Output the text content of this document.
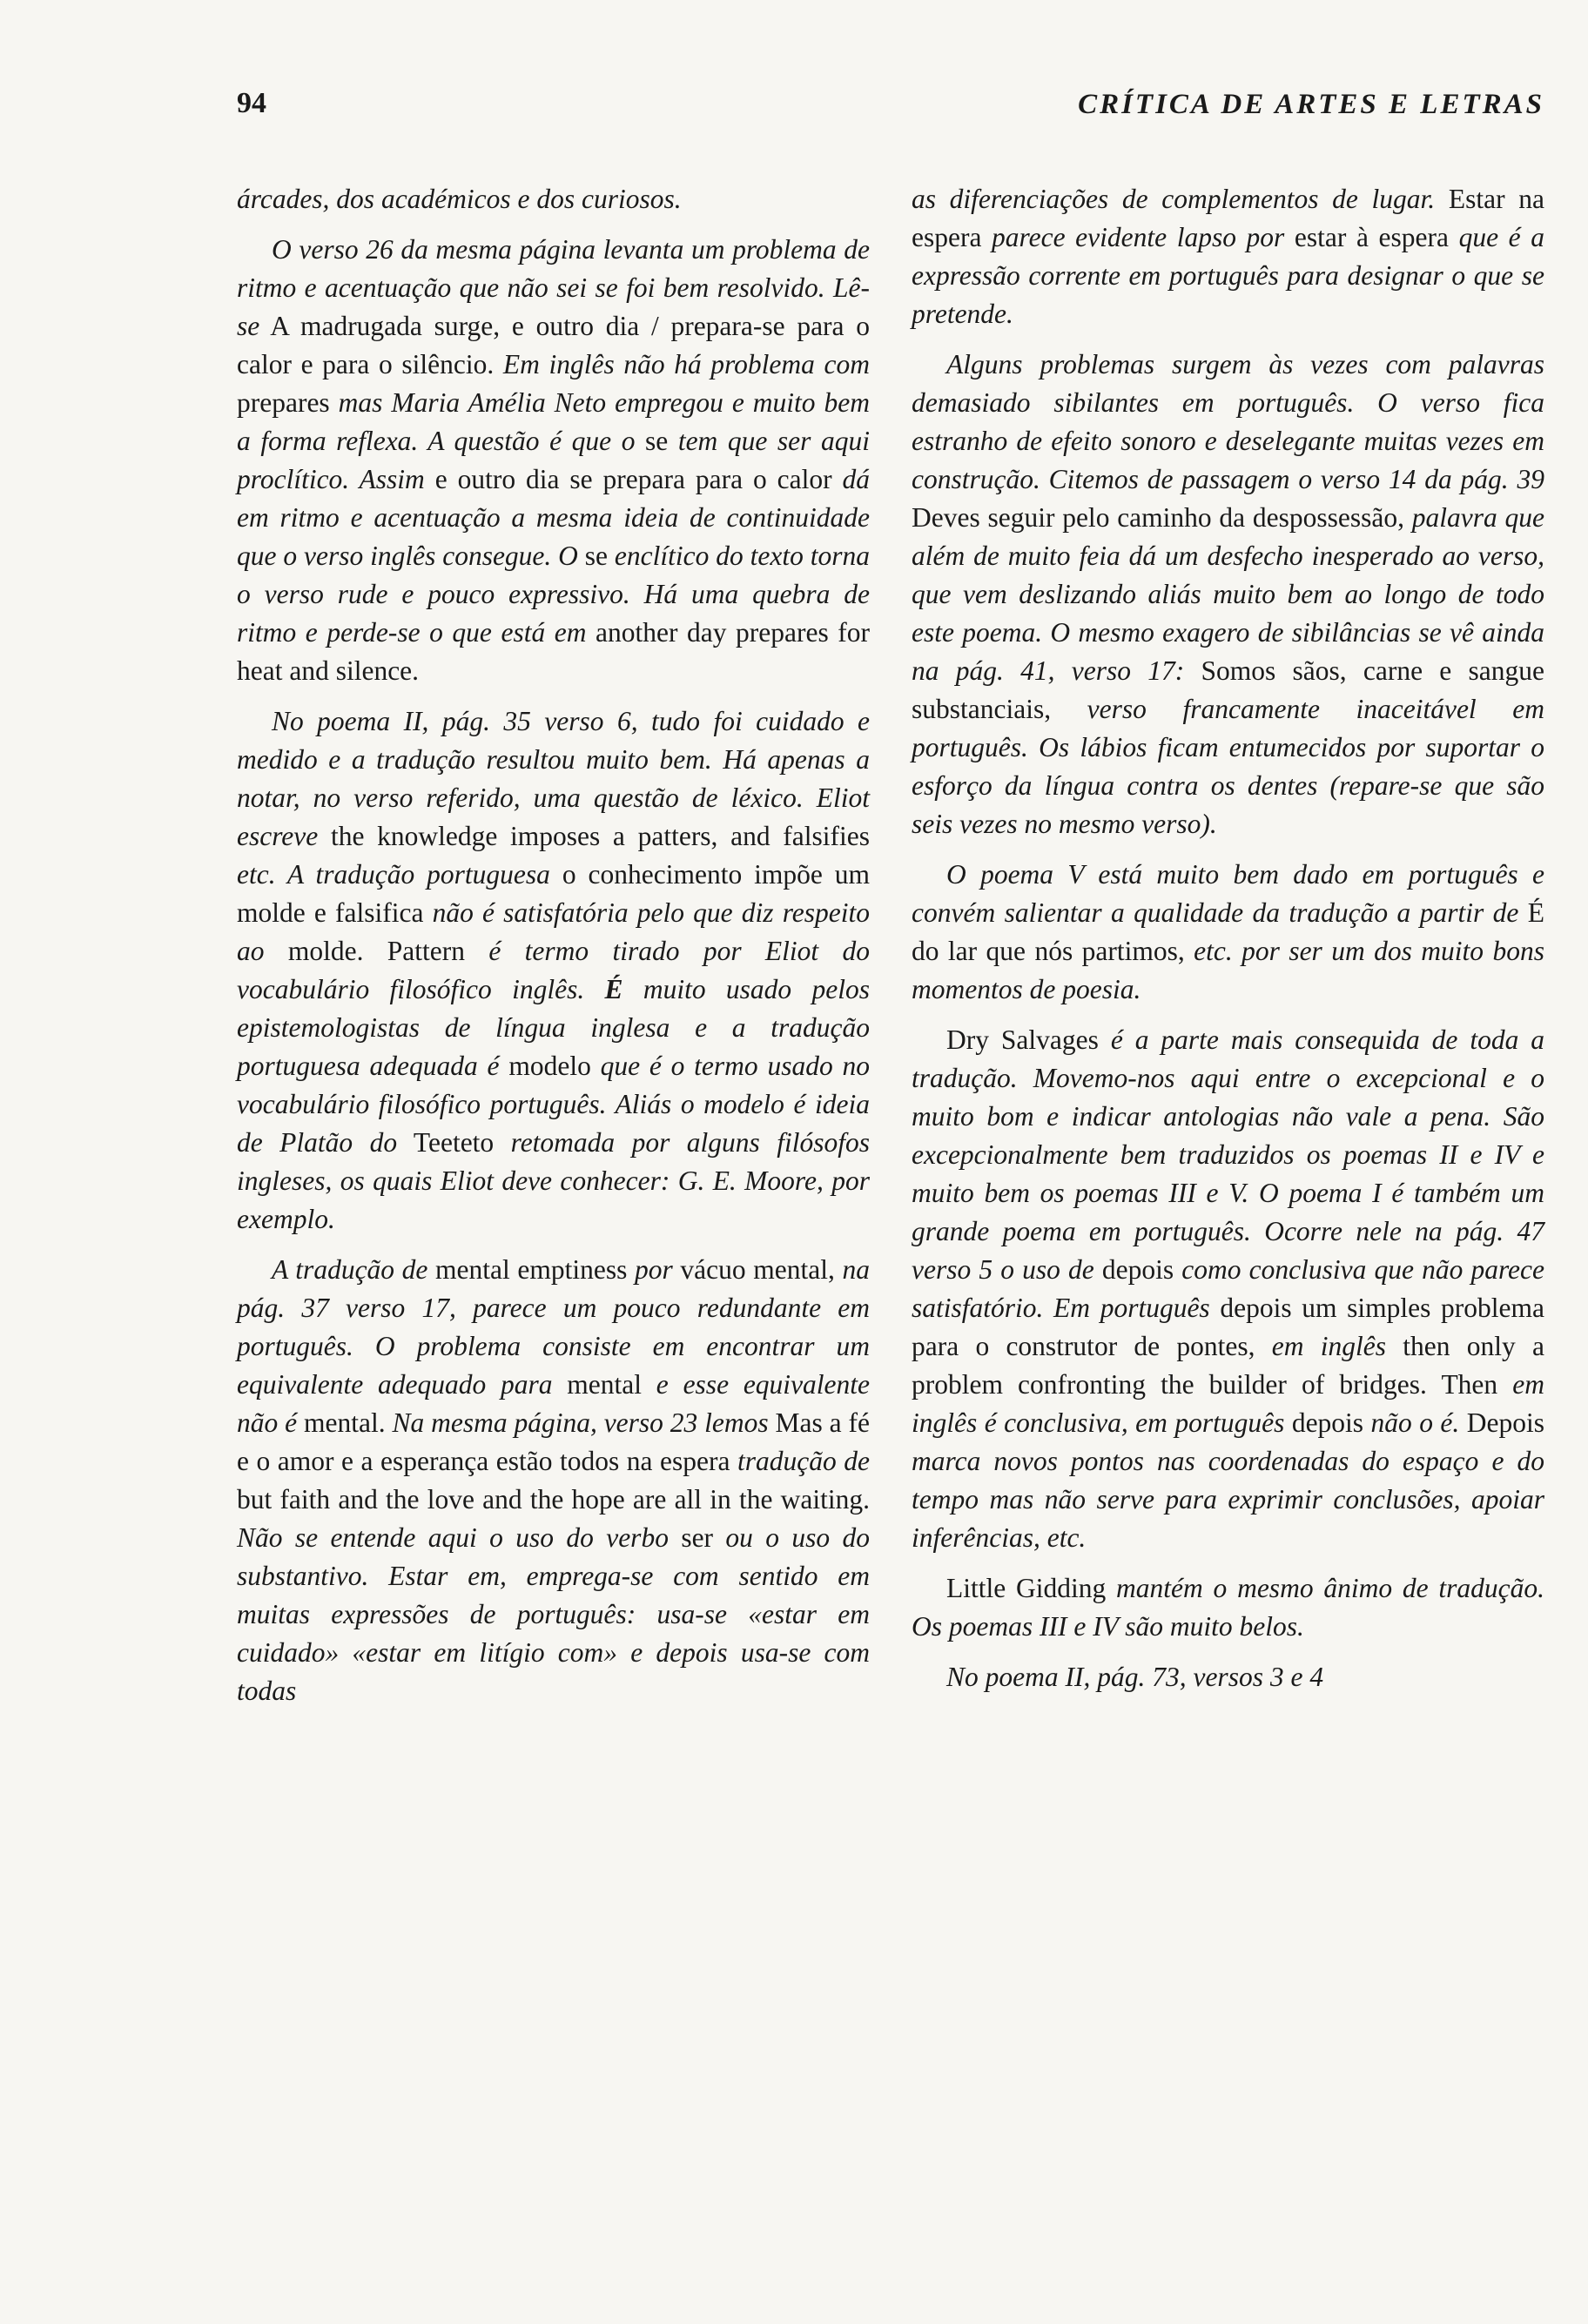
94	CRÍTICA DE ARTES E LETRAS

árcades, dos académicos e dos curiosos.

O verso 26 da mesma página levanta um problema de ritmo e acentuação que não sei se foi bem resolvido. Lê-se A madrugada surge, e outro dia / prepara-se para o calor e para o silêncio. Em inglês não há problema com prepares mas Maria Amélia Neto empregou e muito bem a forma reflexa. A questão é que o se tem que ser aqui proclítico. Assim e outro dia se prepara para o calor dá em ritmo e acentuação a mesma ideia de continuidade que o verso inglês consegue. O se enclítico do texto torna o verso rude e pouco expressivo. Há uma quebra de ritmo e perde-se o que está em another day prepares for heat and silence.

No poema II, pág. 35 verso 6, tudo foi cuidado e medido e a tradução resultou muito bem. Há apenas a notar, no verso referido, uma questão de léxico. Eliot escreve the knowledge imposes a patters, and falsifies etc. A tradução portuguesa o conhecimento impõe um molde e falsifica não é satisfatória pelo que diz respeito ao molde. Pattern é termo tirado por Eliot do vocabulário filosófico inglês. É muito usado pelos epistemologistas de língua inglesa e a tradução portuguesa adequada é modelo que é o termo usado no vocabulário filosófico português. Aliás o modelo é ideia de Platão do Teeteto retomada por alguns filósofos ingleses, os quais Eliot deve conhecer: G. E. Moore, por exemplo.

A tradução de mental emptiness por vácuo mental, na pág. 37 verso 17, parece um pouco redundante em português. O problema consiste em encontrar um equivalente adequado para mental e esse equivalente não é mental. Na mesma página, verso 23 lemos Mas a fé e o amor e a esperança estão todos na espera tradução de but faith and the love and the hope are all in the waiting. Não se entende aqui o uso do verbo ser ou o uso do substantivo. Estar em, emprega-se com sentido em muitas expressões de português: usa-se «estar em cuidado» «estar em litígio com» e depois usa-se com todas

as diferenciações de complementos de lugar. Estar na espera parece evidente lapso por estar à espera que é a expressão corrente em português para designar o que se pretende.

Alguns problemas surgem às vezes com palavras demasiado sibilantes em português. O verso fica estranho de efeito sonoro e deselegante muitas vezes em construção. Citemos de passagem o verso 14 da pág. 39 Deves seguir pelo caminho da despossessão, palavra que além de muito feia dá um desfecho inesperado ao verso, que vem deslizando aliás muito bem ao longo de todo este poema. O mesmo exagero de sibilâncias se vê ainda na pág. 41, verso 17: Somos sãos, carne e sangue substanciais, verso francamente inaceitável em português. Os lábios ficam entumecidos por suportar o esforço da língua contra os dentes (repare-se que são seis vezes no mesmo verso).

O poema V está muito bem dado em português e convém salientar a qualidade da tradução a partir de É do lar que nós partimos, etc. por ser um dos muito bons momentos de poesia.

Dry Salvages é a parte mais consequida de toda a tradução. Movemo-nos aqui entre o excepcional e o muito bom e indicar antologias não vale a pena. São excepcionalmente bem traduzidos os poemas II e IV e muito bem os poemas III e V. O poema I é também um grande poema em português. Ocorre nele na pág. 47 verso 5 o uso de depois como conclusiva que não parece satisfatório. Em português depois um simples problema para o construtor de pontes, em inglês then only a problem confronting the builder of bridges. Then em inglês é conclusiva, em português depois não o é. Depois marca novos pontos nas coordenadas do espaço e do tempo mas não serve para exprimir conclusões, apoiar inferências, etc.

Little Gidding mantém o mesmo ânimo de tradução. Os poemas III e IV são muito belos.

No poema II, pág. 73, versos 3 e 4
